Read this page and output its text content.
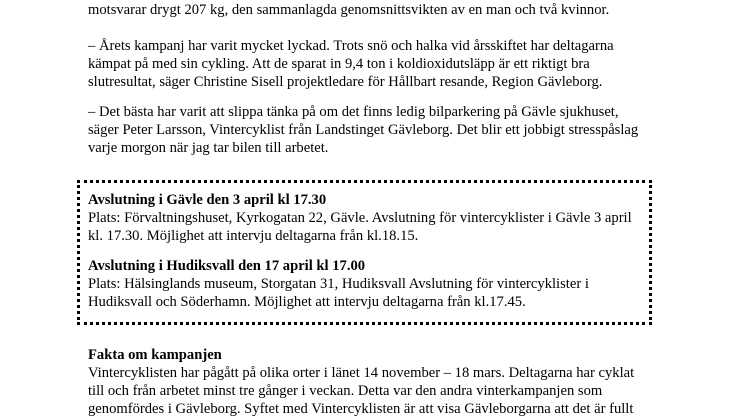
motsvarar drygt 207 kg, den sammanlagda genomsnittsvikten av en man och två kvinnor.
– Årets kampanj har varit mycket lyckad. Trots snö och halka vid årsskiftet har deltagarna
kämpat på med sin cykling. Att de sparat in 9,4 ton i koldioxidutsläpp är ett riktigt bra
slutresultat, säger Christine Sisell projektledare för Hållbart resande, Region Gävleborg.
– Det bästa har varit att slippa tänka på om det finns ledig bilparkering på Gävle sjukhuset,
säger Peter Larsson, Vintercyklist från Landstinget Gävleborg. Det blir ett jobbigt stresspåslag
varje morgon när jag tar bilen till arbetet.
Avslutning i Gävle den 3 april kl 17.30
Plats: Förvaltningshuset, Kyrkogatan 22, Gävle. Avslutning för vintercyklister i Gävle 3 april
kl. 17.30. Möjlighet att intervju deltagarna från kl.18.15.
Avslutning i Hudiksvall den 17 april kl 17.00
Plats: Hälsinglands museum, Storgatan 31, Hudiksvall Avslutning för vintercyklister i
Hudiksvall och Söderhamn. Möjlighet att intervju deltagarna från kl.17.45.
Fakta om kampanjen
Vintercyklisten har pågått på olika orter i länet 14 november – 18 mars. Deltagarna har cyklat
till och från arbetet minst tre gånger i veckan. Detta var den andra vinterkampanjen som
genomfördes i Gävleborg. Syftet med Vintercyklisten är att visa Gävleborgarna att det är fullt
